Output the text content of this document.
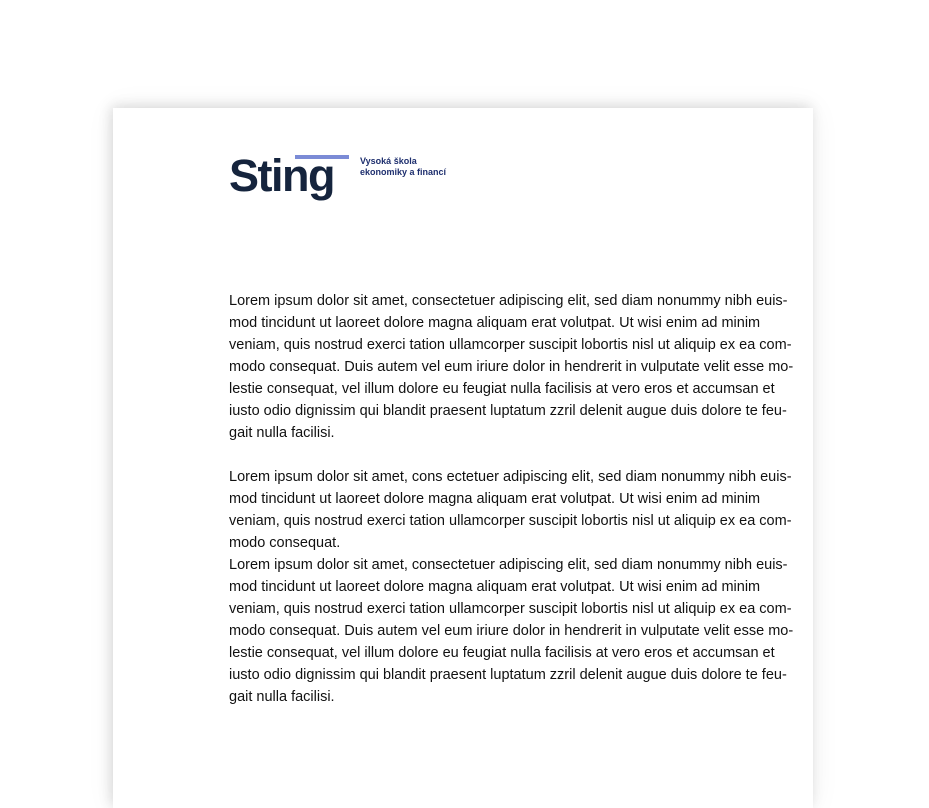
Sting	Vysoká škola
ekonomiky a financí
Lorem ipsum dolor sit amet, consectetuer adipiscing elit, sed diam nonummy nibh euis-
mod tincidunt ut laoreet dolore magna aliquam erat volutpat. Ut wisi enim ad minim
veniam, quis nostrud exerci tation ullamcorper suscipit lobortis nisl ut aliquip ex ea com-
modo consequat. Duis autem vel eum iriure dolor in hendrerit in vulputate velit esse mo-
lestie consequat, vel illum dolore eu feugiat nulla facilisis at vero eros et accumsan et
iusto odio dignissim qui blandit praesent luptatum zzril delenit augue duis dolore te feu-
gait nulla facilisi.
Lorem ipsum dolor sit amet, cons ectetuer adipiscing elit, sed diam nonummy nibh euis-
mod tincidunt ut laoreet dolore magna aliquam erat volutpat. Ut wisi enim ad minim
veniam, quis nostrud exerci tation ullamcorper suscipit lobortis nisl ut aliquip ex ea com-
modo consequat.
Lorem ipsum dolor sit amet, consectetuer adipiscing elit, sed diam nonummy nibh euis-
mod tincidunt ut laoreet dolore magna aliquam erat volutpat. Ut wisi enim ad minim
veniam, quis nostrud exerci tation ullamcorper suscipit lobortis nisl ut aliquip ex ea com-
modo consequat. Duis autem vel eum iriure dolor in hendrerit in vulputate velit esse mo-
lestie consequat, vel illum dolore eu feugiat nulla facilisis at vero eros et accumsan et
iusto odio dignissim qui blandit praesent luptatum zzril delenit augue duis dolore te feu-
gait nulla facilisi.
